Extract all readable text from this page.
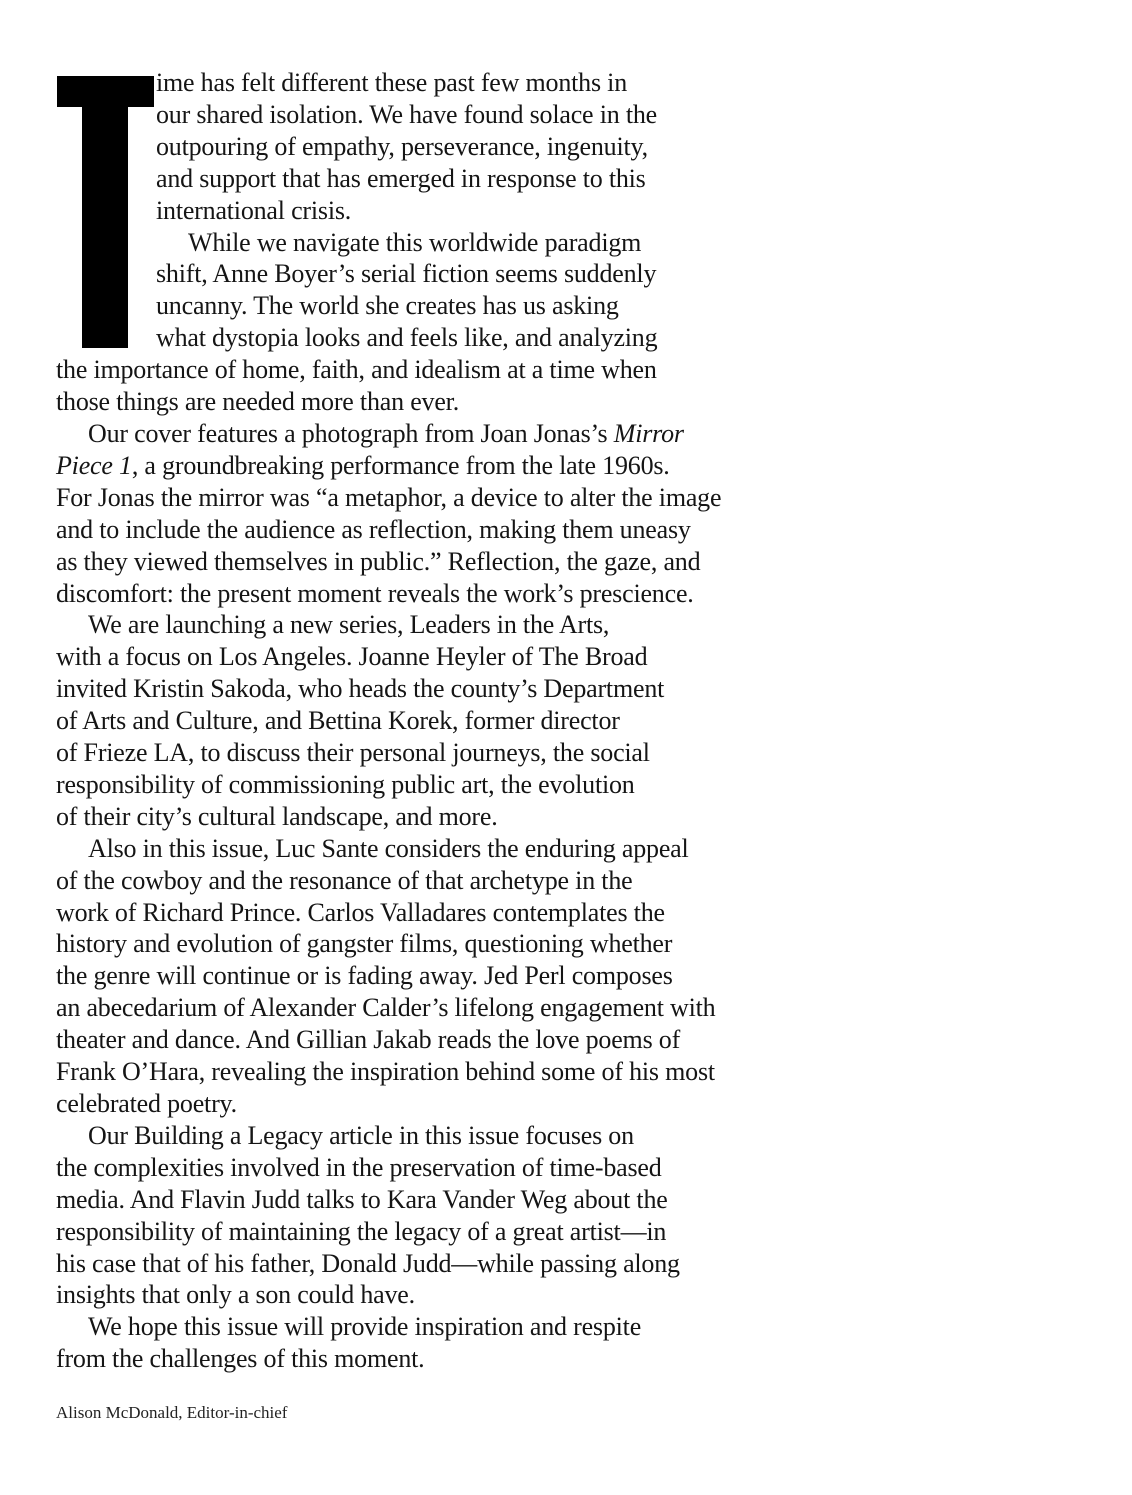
ime has felt different these past few months in
our shared isolation. We have found solace in the
outpouring of empathy, perseverance, ingenuity,
and support that has emerged in response to this
international crisis.

While we navigate this worldwide paradigm
shift, Anne Boyer’s serial fiction seems suddenly
uncanny. The world she creates has us asking
what dystopia looks and feels like, and analyzing
the importance of home, faith, and idealism at a time when
those things are needed more than ever.

Our cover features a photograph from Joan Jonas’s Mirror
Piece 1, a groundbreaking performance from the late 1960s.
For Jonas the mirror was “a metaphor, a device to alter the image
and to include the audience as reflection, making them uneasy
as they viewed themselves in public.” Reflection, the gaze, and
discomfort: the present moment reveals the work’s prescience.

We are launching a new series, Leaders in the Arts,
with a focus on Los Angeles. Joanne Heyler of The Broad
invited Kristin Sakoda, who heads the county’s Department
of Arts and Culture, and Bettina Korek, former director
of Frieze LA, to discuss their personal journeys, the social
responsibility of commissioning public art, the evolution
of their city’s cultural landscape, and more.

Also in this issue, Luc Sante considers the enduring appeal
of the cowboy and the resonance of that archetype in the
work of Richard Prince. Carlos Valladares contemplates the
history and evolution of gangster films, questioning whether
the genre will continue or is fading away. Jed Perl composes
an abecedarium of Alexander Calder’s lifelong engagement with
theater and dance. And Gillian Jakab reads the love poems of
Frank O’Hara, revealing the inspiration behind some of his most
celebrated poetry.

Our Building a Legacy article in this issue focuses on
the complexities involved in the preservation of time-based
media. And Flavin Judd talks to Kara Vander Weg about the
responsibility of maintaining the legacy of a great artist—in
his case that of his father, Donald Judd—while passing along
insights that only a son could have.

We hope this issue will provide inspiration and respite
from the challenges of this moment.

Alison McDonald, Editor-in-chief
